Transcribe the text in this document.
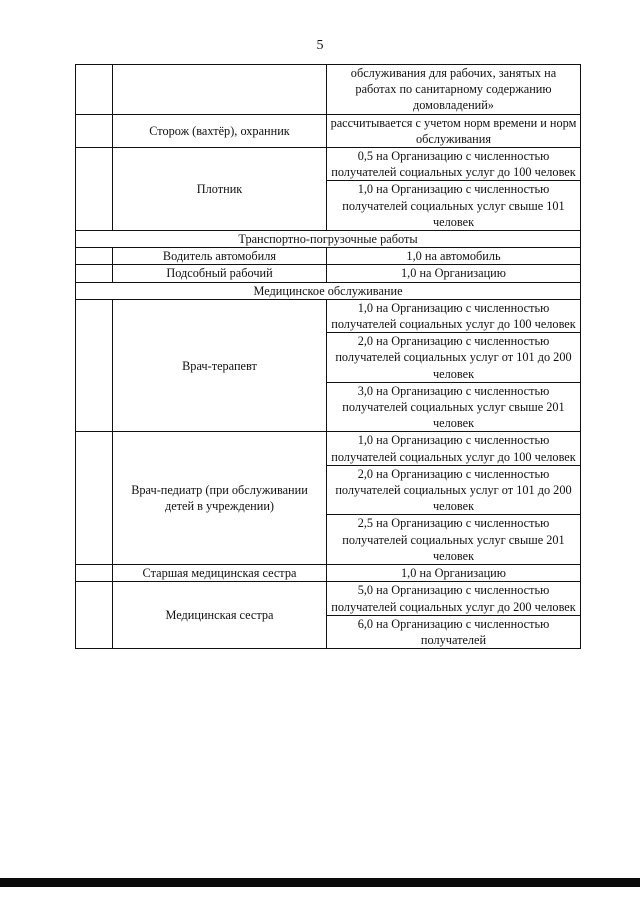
5
		обслуживания для рабочих, занятых на работах по санитарному содержанию домовладений»
	Сторож (вахтёр), охранник	рассчитывается с учетом норм времени и норм обслуживания
	Плотник	0,5 на Организацию с численностью получателей социальных услуг до 100 человек
		1,0 на Организацию с численностью получателей социальных услуг свыше 101 человек
Транспортно-погрузочные работы		
	Водитель автомобиля	1,0 на автомобиль
	Подсобный рабочий	1,0 на Организацию
Медицинское обслуживание		
	Врач-терапевт	1,0 на Организацию с численностью получателей социальных услуг до 100 человек
		2,0 на Организацию с численностью получателей социальных услуг от 101 до 200 человек
		3,0 на Организацию с численностью получателей социальных услуг свыше 201 человек
	Врач-педиатр (при обслуживании детей в учреждении)	1,0 на Организацию с численностью получателей социальных услуг до 100 человек
		2,0 на Организацию с численностью получателей социальных услуг от 101 до 200 человек
		2,5 на Организацию с численностью получателей социальных услуг свыше 201 человек
	Старшая медицинская сестра	1,0 на Организацию
	Медицинская сестра	5,0 на Организацию с численностью получателей социальных услуг до 200 человек
		6,0 на Организацию с численностью получателей
